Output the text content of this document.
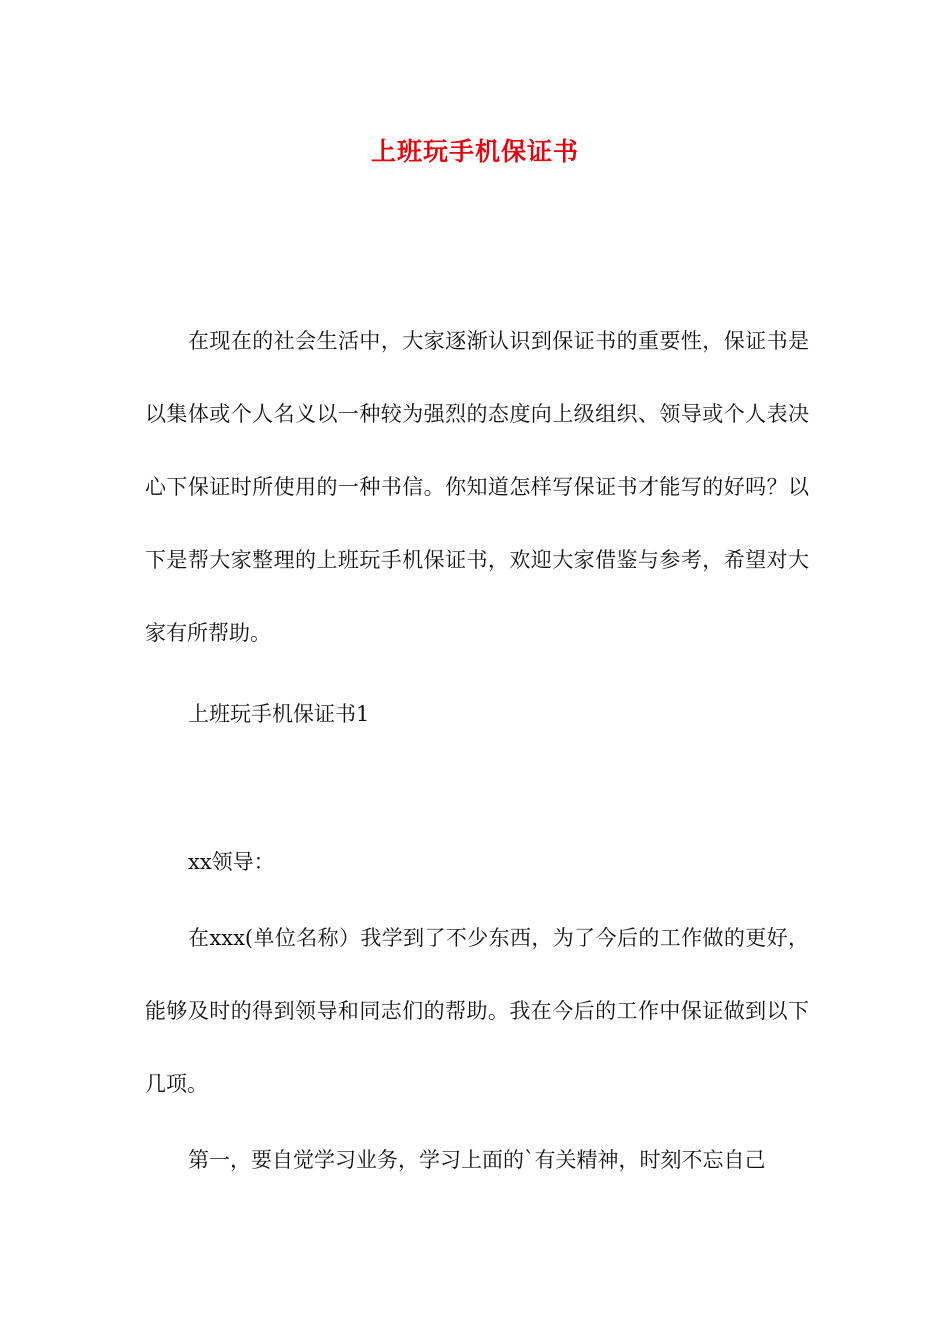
上班玩手机保证书
在现在的社会生活中，大家逐渐认识到保证书的重要性，保证书是以集体或个人名义以一种较为强烈的态度向上级组织、领导或个人表决心下保证时所使用的一种书信。你知道怎样写保证书才能写的好吗？以下是帮大家整理的上班玩手机保证书，欢迎大家借鉴与参考，希望对大家有所帮助。
上班玩手机保证书1
xx领导：
在xxx(单位名称）我学到了不少东西，为了今后的工作做的更好，能够及时的得到领导和同志们的帮助。我在今后的工作中保证做到以下几项。
第一，要自觉学习业务，学习上面的`有关精神，时刻不忘自己
